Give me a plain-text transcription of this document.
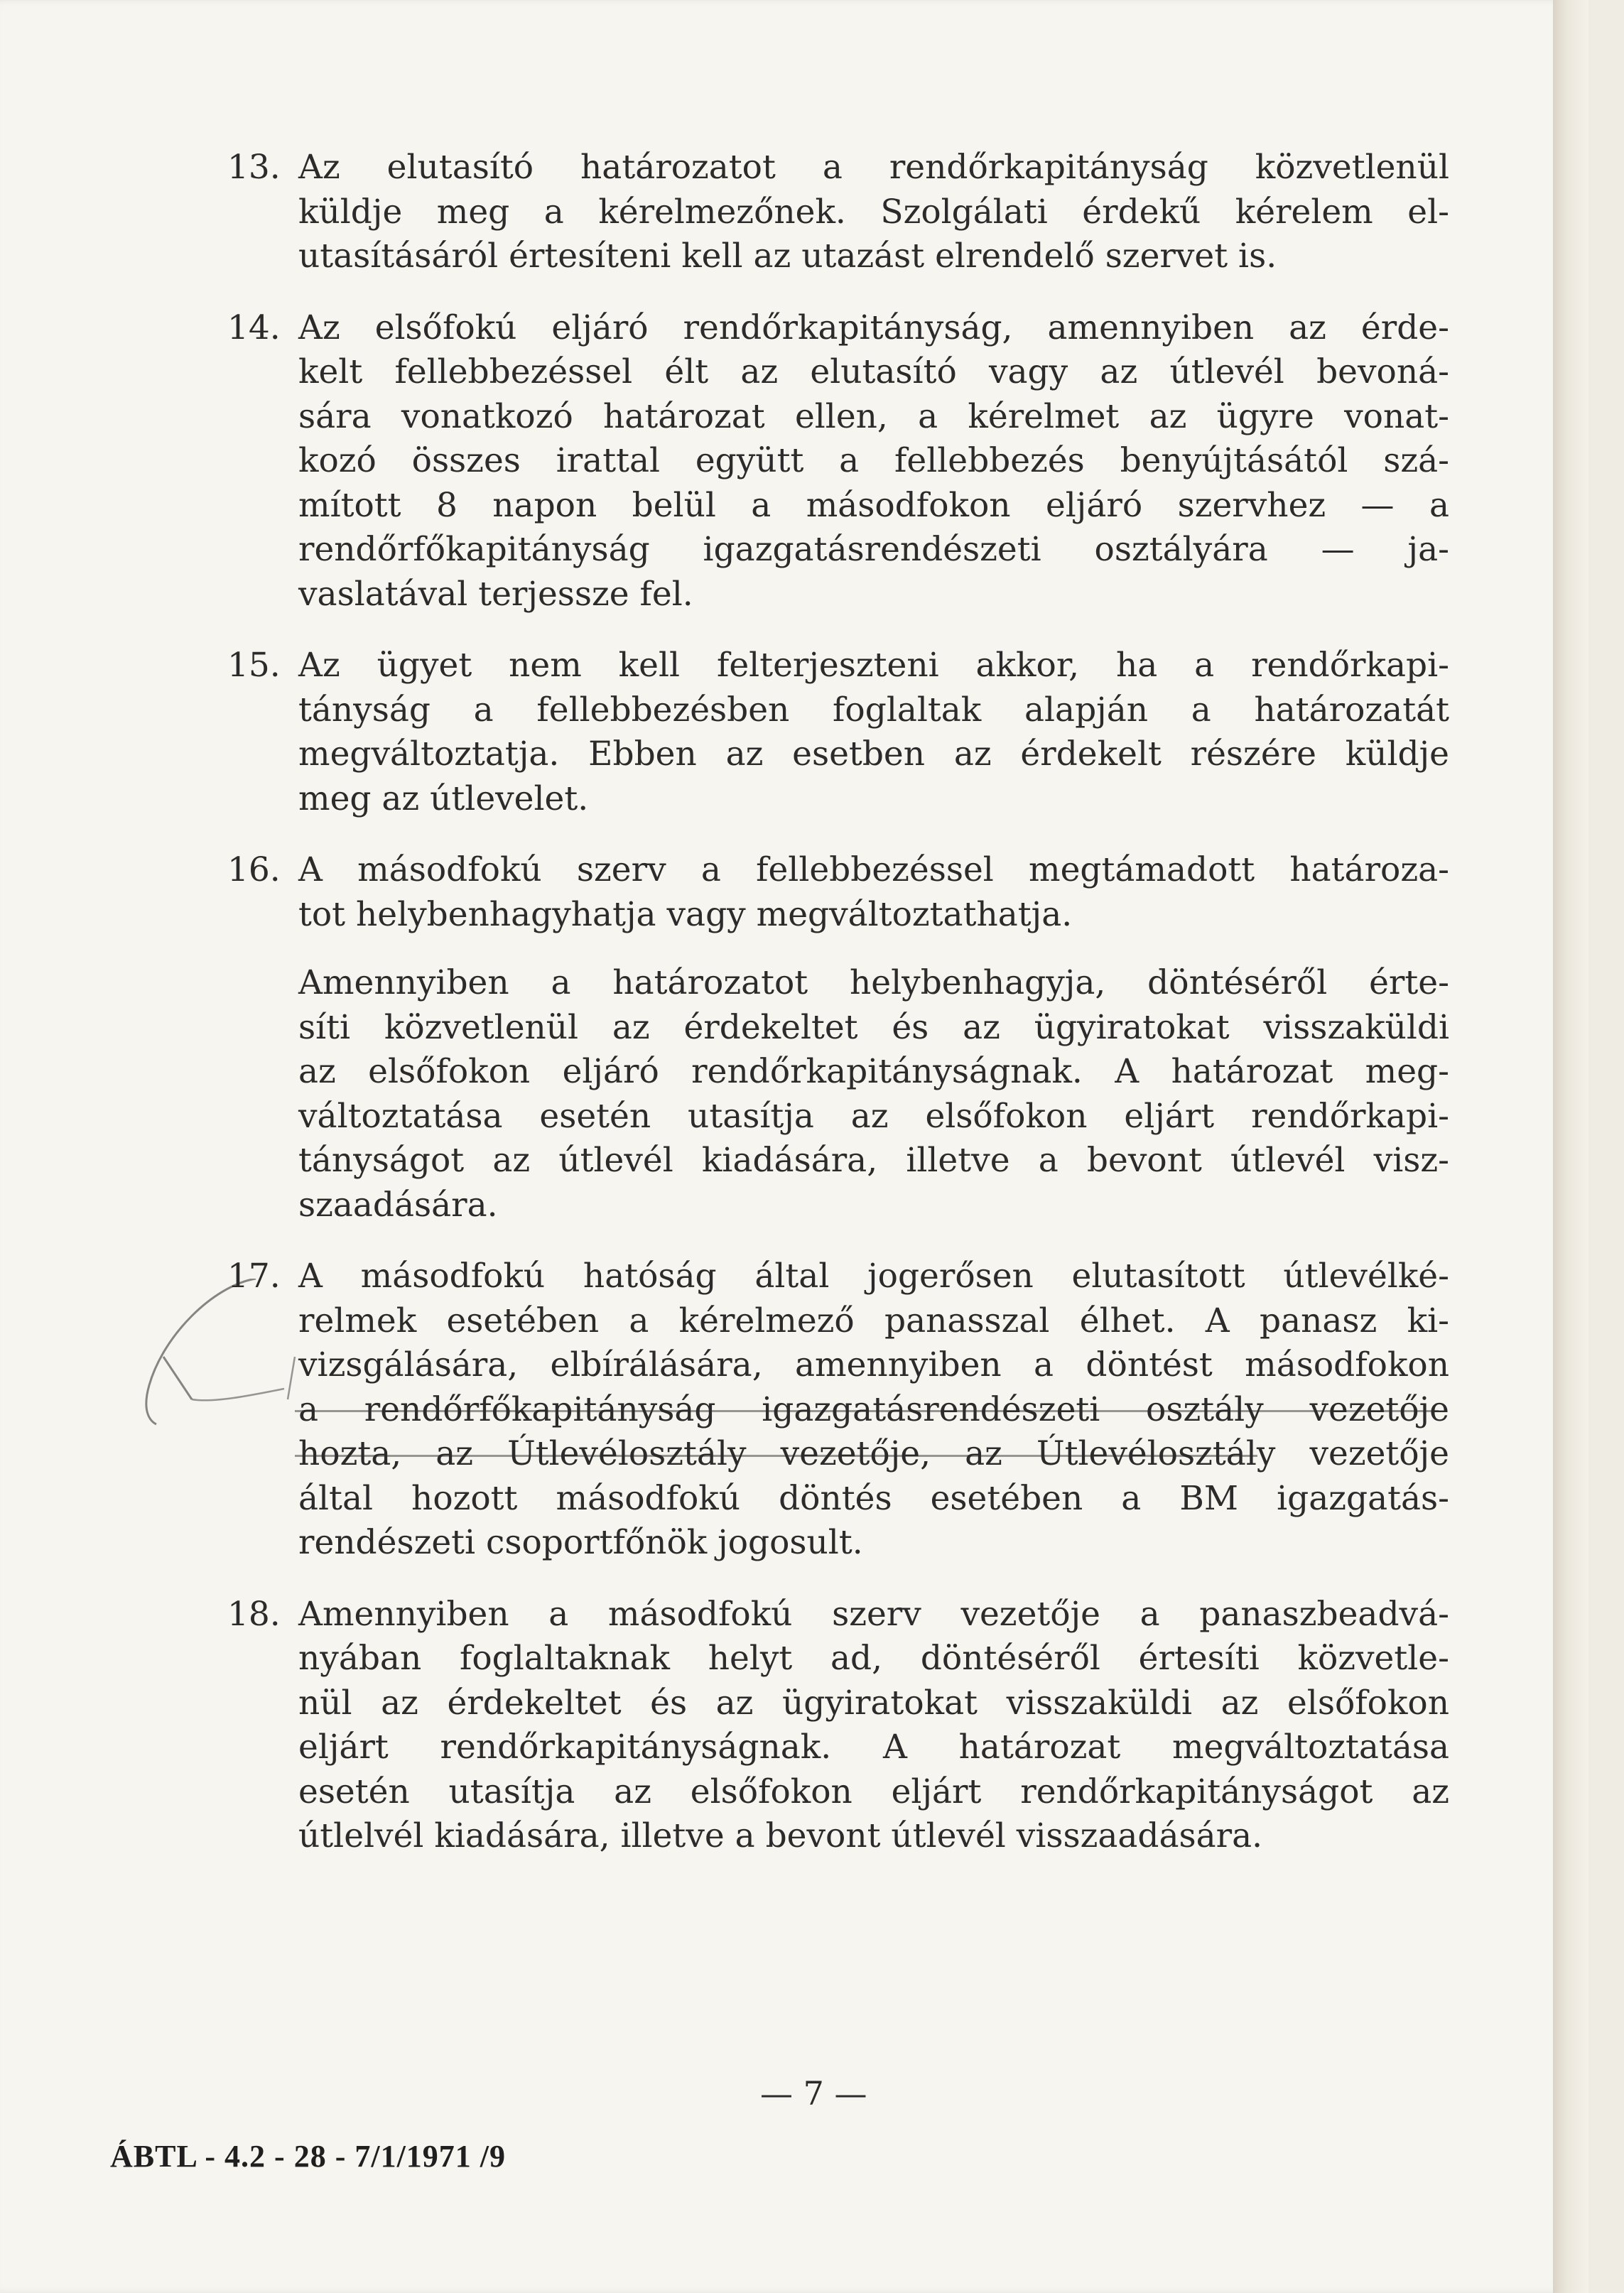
13. Az elutasító határozatot a rendőrkapitányság közvetlenül
küldje meg a kérelmezőnek. Szolgálati érdekű kérelem el-
utasításáról értesíteni kell az utazást elrendelő szervet is.
14. Az elsőfokú eljáró rendőrkapitányság, amennyiben az érde-
kelt fellebbezéssel élt az elutasító vagy az útlevél bevoná-
sára vonatkozó határozat ellen, a kérelmet az ügyre vonat-
kozó összes irattal együtt a fellebbezés benyújtásától szá-
mított 8 napon belül a másodfokon eljáró szervhez — a
rendőrfőkapitányság igazgatásrendészeti osztályára — ja-
vaslatával terjessze fel.
15. Az ügyet nem kell felterjeszteni akkor, ha a rendőrkapi-
tányság a fellebbezésben foglaltak alapján a határozatát
megváltoztatja. Ebben az esetben az érdekelt részére küldje
meg az útlevelet.
16. A másodfokú szerv a fellebbezéssel megtámadott határoza-
tot helybenhagyhatja vagy megváltoztathatja.
Amennyiben a határozatot helybenhagyja, döntéséről érte-
síti közvetlenül az érdekeltet és az ügyiratokat visszaküldi
az elsőfokon eljáró rendőrkapitányságnak. A határozat meg-
változtatása esetén utasítja az elsőfokon eljárt rendőrkapi-
tányságot az útlevél kiadására, illetve a bevont útlevél visz-
szaadására.
17. A másodfokú hatóság által jogerősen elutasított útlevélké-
relmek esetében a kérelmező panasszal élhet. A panasz ki-
vizsgálására, elbírálására, amennyiben a döntést másodfokon
a rendőrfőkapitányság igazgatásrendészeti osztály vezetője
hozta, az Útlevélosztály vezetője, az Útlevélosztály vezetője
által hozott másodfokú döntés esetében a BM igazgatás-
rendészeti csoportfőnök jogosult.
18. Amennyiben a másodfokú szerv vezetője a panaszbeadvá-
nyában foglaltaknak helyt ad, döntéséről értesíti közvetle-
nül az érdekeltet és az ügyiratokat visszaküldi az elsőfokon
eljárt rendőrkapitányságnak. A határozat megváltoztatása
esetén utasítja az elsőfokon eljárt rendőrkapitányságot az
útlelvél kiadására, illetve a bevont útlevél visszaadására.
— 7 —
ÁBTL - 4.2 - 28 - 7/1/1971 /9
